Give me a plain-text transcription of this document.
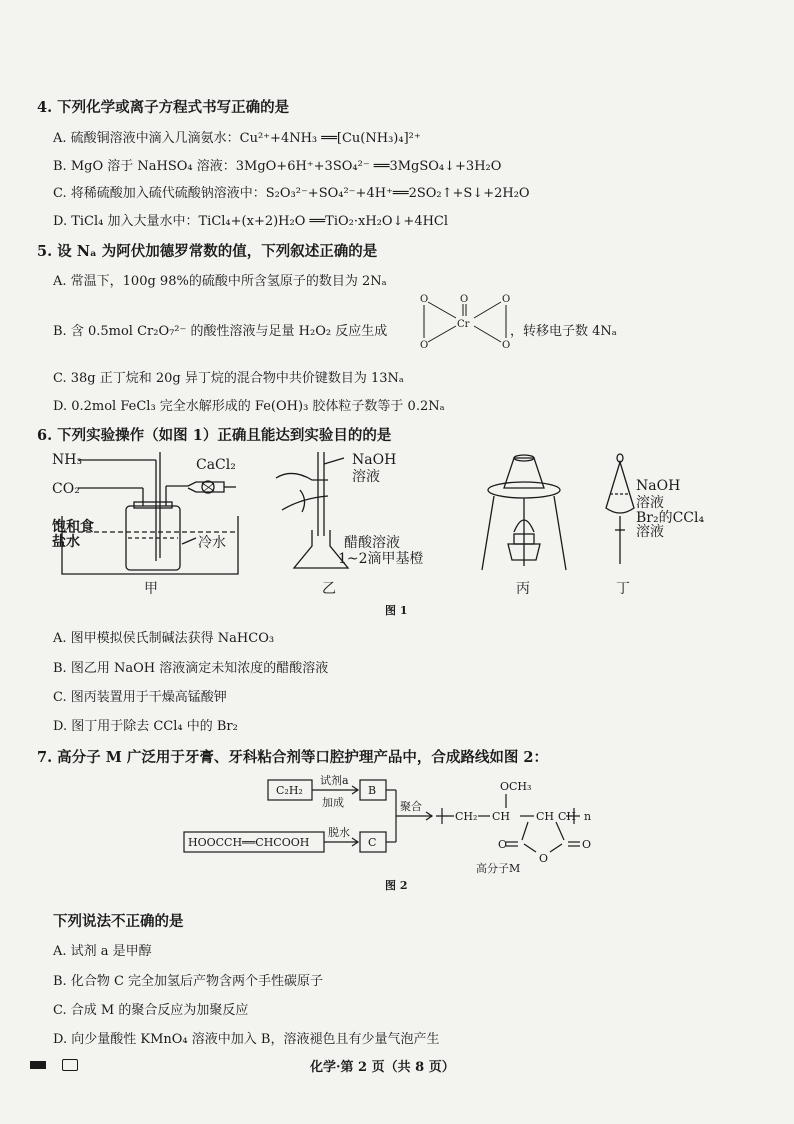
4. 下列化学或离子方程式书写正确的是
A. 硫酸铜溶液中滴入几滴氨水：Cu²⁺+4NH₃ ══[Cu(NH₃)₄]²⁺
B. MgO 溶于 NaHSO₄ 溶液：3MgO+6H⁺+3SO₄²⁻ ══3MgSO₄↓+3H₂O
C. 将稀硫酸加入硫代硫酸钠溶液中：S₂O₃²⁻+SO₄²⁻+4H⁺══2SO₂↑+S↓+2H₂O
D. TiCl₄ 加入大量水中：TiCl₄+(x+2)H₂O ══TiO₂·xH₂O↓+4HCl
5. 设 Nₐ 为阿伏加德罗常数的值，下列叙述正确的是
A. 常温下，100g 98%的硫酸中所含氢原子的数目为 2Nₐ
B. 含 0.5mol Cr₂O₇²⁻ 的酸性溶液与足量 H₂O₂ 反应生成
O	O	O
Cr
O	O
，转移电子数 4Nₐ
C. 38g 正丁烷和 20g 异丁烷的混合物中共价键数目为 13Nₐ
D. 0.2mol FeCl₃ 完全水解形成的 Fe(OH)₃ 胶体粒子数等于 0.2Nₐ
6. 下列实验操作（如图 1）正确且能达到实验目的的是
NH₃
CO₂
CaCl₂
饱和食
盐水	冷水
甲
NaOH
溶液
醋酸溶液
1~2滴甲基橙
乙	丙
NaOH
溶液
Br₂的CCl₄
溶液
丁
图 1
A. 图甲模拟侯氏制碱法获得 NaHCO₃
B. 图乙用 NaOH 溶液滴定未知浓度的醋酸溶液
C. 图丙装置用于干燥高锰酸钾
D. 图丁用于除去 CCl₄ 中的 Br₂
7. 高分子 M 广泛用于牙膏、牙科粘合剂等口腔护理产品中，合成路线如图 2：
C₂H₂
试剂a
加成
B
HOOCCH══CHCOOH
脱水
C
聚合
CH₂ CH CH CH
OCH₃
O	O
O
高分子M
n
图 2
下列说法不正确的是
A. 试剂 a 是甲醇
B. 化合物 C 完全加氢后产物含两个手性碳原子
C. 合成 M 的聚合反应为加聚反应
D. 向少量酸性 KMnO₄ 溶液中加入 B，溶液褪色且有少量气泡产生
化学·第 2 页（共 8 页）
